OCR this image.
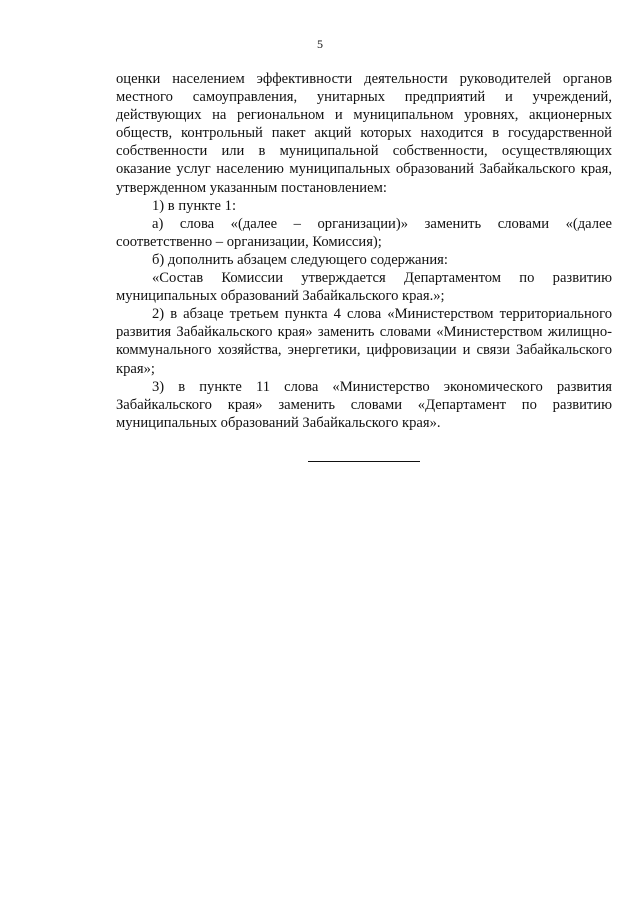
5

оценки населением эффективности деятельности руководителей органов местного самоуправления, унитарных предприятий и учреждений, действующих на региональном и муниципальном уровнях, акционерных обществ, контрольный пакет акций которых находится в государственной собственности или в муниципальной собственности, осуществляющих оказание услуг населению муниципальных образований Забайкальского края, утвержденном указанным постановлением:

1) в пункте 1:

а) слова «(далее – организации)» заменить словами «(далее соответственно – организации, Комиссия);

б) дополнить абзацем следующего содержания:

«Состав Комиссии утверждается Департаментом по развитию муниципальных образований Забайкальского края.»;

2) в абзаце третьем пункта 4 слова «Министерством территориального развития Забайкальского края» заменить словами «Министерством жилищно-коммунального хозяйства, энергетики, цифровизации и связи Забайкальского края»;

3) в пункте 11 слова «Министерство экономического развития Забайкальского края» заменить словами «Департамент по развитию муниципальных образований Забайкальского края».
